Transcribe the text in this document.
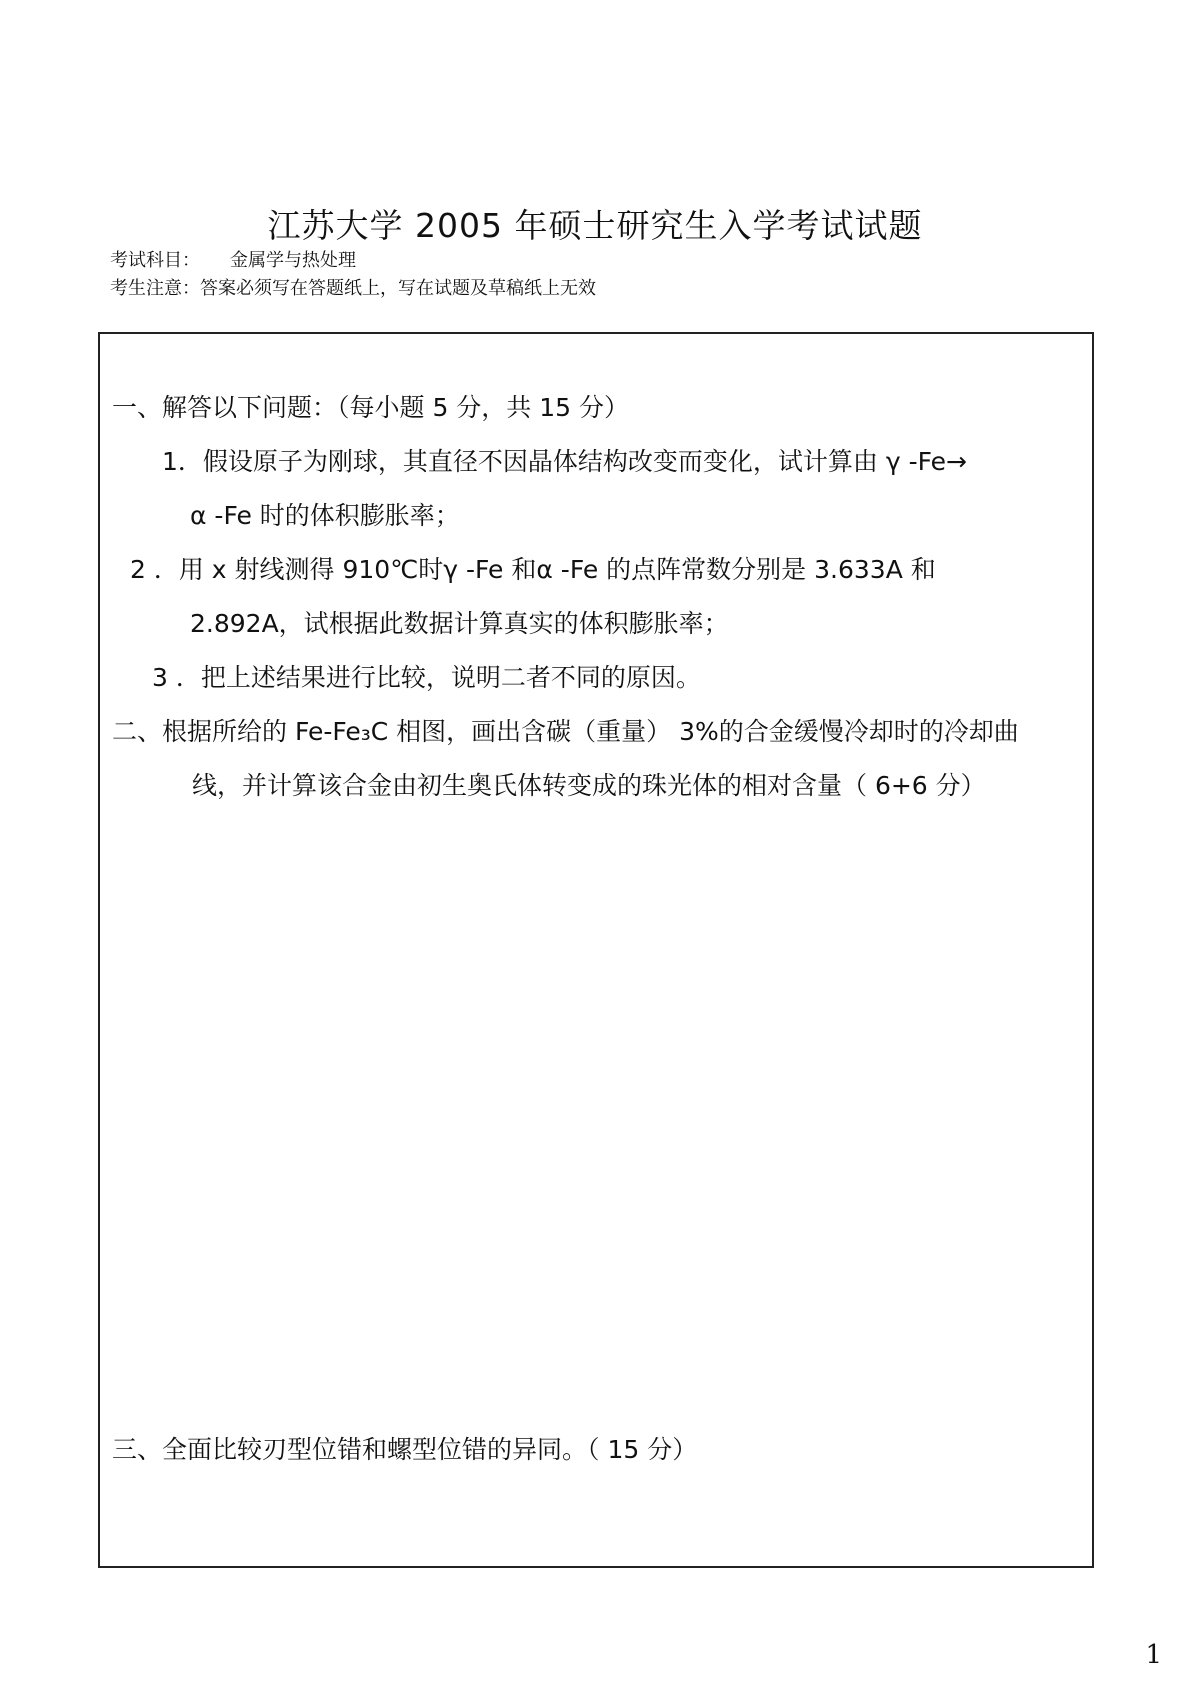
江苏大学 2005 年硕士研究生入学考试试题
考试科目： 金属学与热处理
考生注意：答案必须写在答题纸上，写在试题及草稿纸上无效
一、解答以下问题：（每小题 5 分，共 15 分）
1．假设原子为刚球，其直径不因晶体结构改变而变化，试计算由 γ -Fe→
α -Fe 时的体积膨胀率；
2 ．用 x 射线测得 910℃时γ -Fe 和α -Fe 的点阵常数分别是 3.633A 和
2.892A，试根据此数据计算真实的体积膨胀率；
3 ．把上述结果进行比较，说明二者不同的原因。
二、根据所给的 Fe-Fe₃C 相图，画出含碳（重量） 3%的合金缓慢冷却时的冷却曲
线，并计算该合金由初生奥氏体转变成的珠光体的相对含量（ 6+6 分）
三、全面比较刃型位错和螺型位错的异同。（ 15 分）
1
